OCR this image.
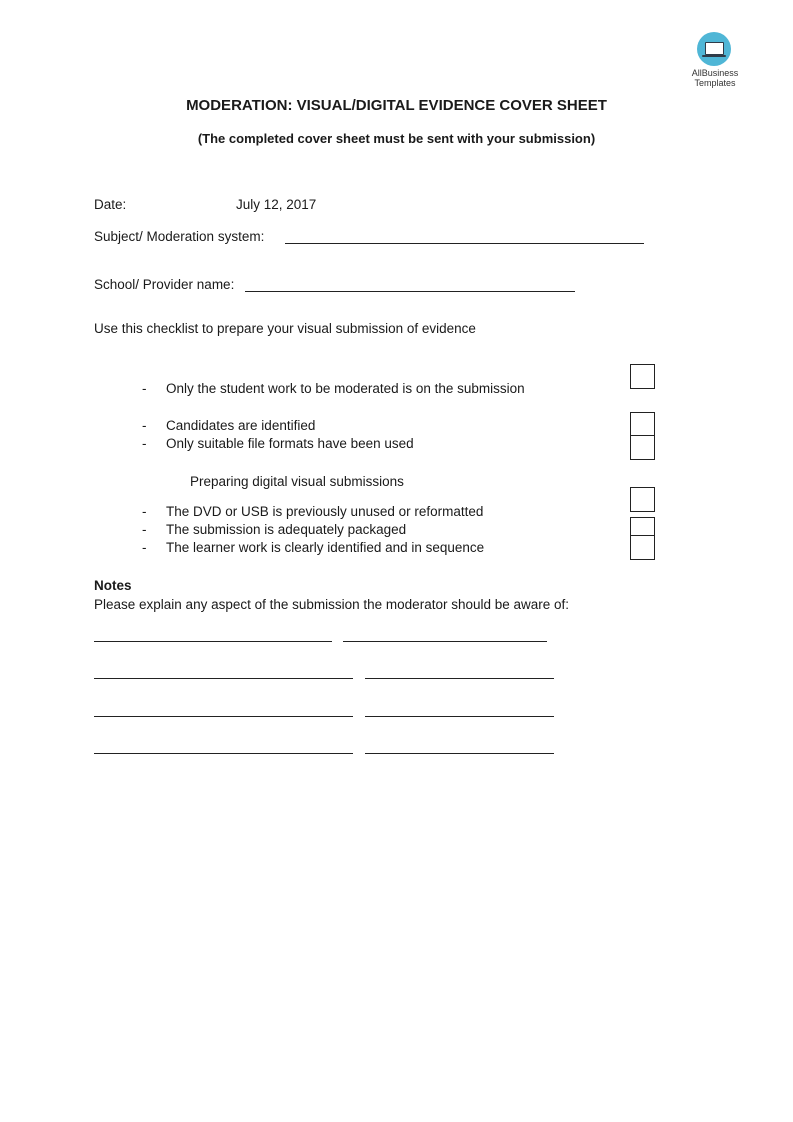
AllBusiness
Templates
MODERATION: VISUAL/DIGITAL EVIDENCE COVER SHEET
(The completed cover sheet must be sent with your submission)
Date:	July 12, 2017
Subject/ Moderation system:
School/ Provider name:
Use this checklist to prepare your visual submission of evidence
- Only the student work to be moderated is on the submission
- Candidates are identified
- Only suitable file formats have been used
Preparing digital visual submissions
- The DVD or USB is previously unused or reformatted
- The submission is adequately packaged
- The learner work is clearly identified and in sequence
Notes
Please explain any aspect of the submission the moderator should be aware of:
